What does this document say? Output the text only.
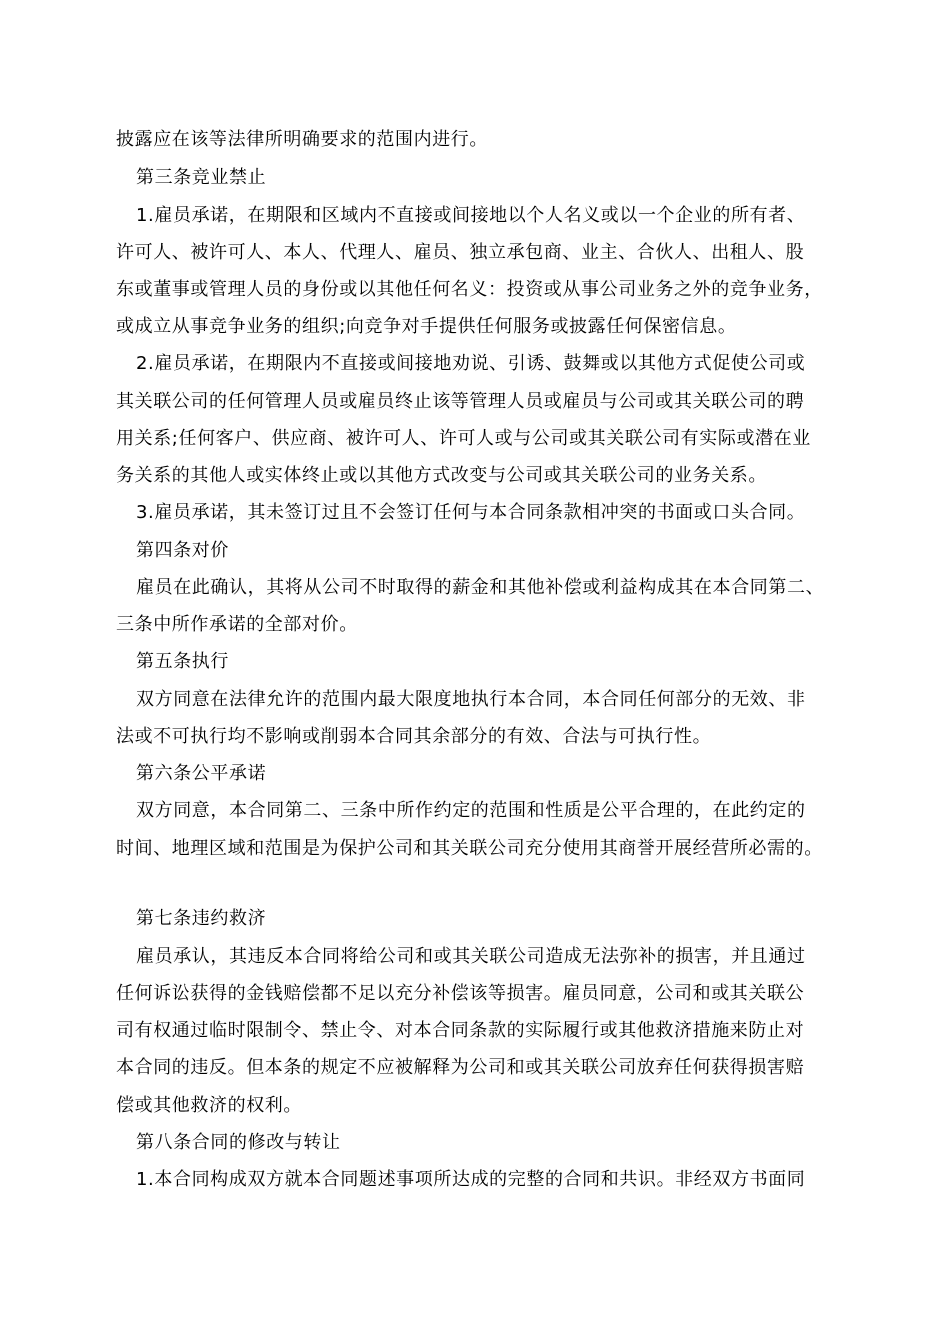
披露应在该等法律所明确要求的范围内进行。
第三条竞业禁止
1.雇员承诺，在期限和区域内不直接或间接地以个人名义或以一个企业的所有者、
许可人、被许可人、本人、代理人、雇员、独立承包商、业主、合伙人、出租人、股
东或董事或管理人员的身份或以其他任何名义：投资或从事公司业务之外的竞争业务，
或成立从事竞争业务的组织;向竞争对手提供任何服务或披露任何保密信息。
2.雇员承诺，在期限内不直接或间接地劝说、引诱、鼓舞或以其他方式促使公司或
其关联公司的任何管理人员或雇员终止该等管理人员或雇员与公司或其关联公司的聘
用关系;任何客户、供应商、被许可人、许可人或与公司或其关联公司有实际或潜在业
务关系的其他人或实体终止或以其他方式改变与公司或其关联公司的业务关系。
3.雇员承诺，其未签订过且不会签订任何与本合同条款相冲突的书面或口头合同。
第四条对价
雇员在此确认，其将从公司不时取得的薪金和其他补偿或利益构成其在本合同第二、
三条中所作承诺的全部对价。
第五条执行
双方同意在法律允许的范围内最大限度地执行本合同，本合同任何部分的无效、非
法或不可执行均不影响或削弱本合同其余部分的有效、合法与可执行性。
第六条公平承诺
双方同意，本合同第二、三条中所作约定的范围和性质是公平合理的，在此约定的
时间、地理区域和范围是为保护公司和其关联公司充分使用其商誉开展经营所必需的。
第七条违约救济
雇员承认，其违反本合同将给公司和或其关联公司造成无法弥补的损害，并且通过
任何诉讼获得的金钱赔偿都不足以充分补偿该等损害。雇员同意，公司和或其关联公
司有权通过临时限制令、禁止令、对本合同条款的实际履行或其他救济措施来防止对
本合同的违反。但本条的规定不应被解释为公司和或其关联公司放弃任何获得损害赔
偿或其他救济的权利。
第八条合同的修改与转让
1.本合同构成双方就本合同题述事项所达成的完整的合同和共识。非经双方书面同
